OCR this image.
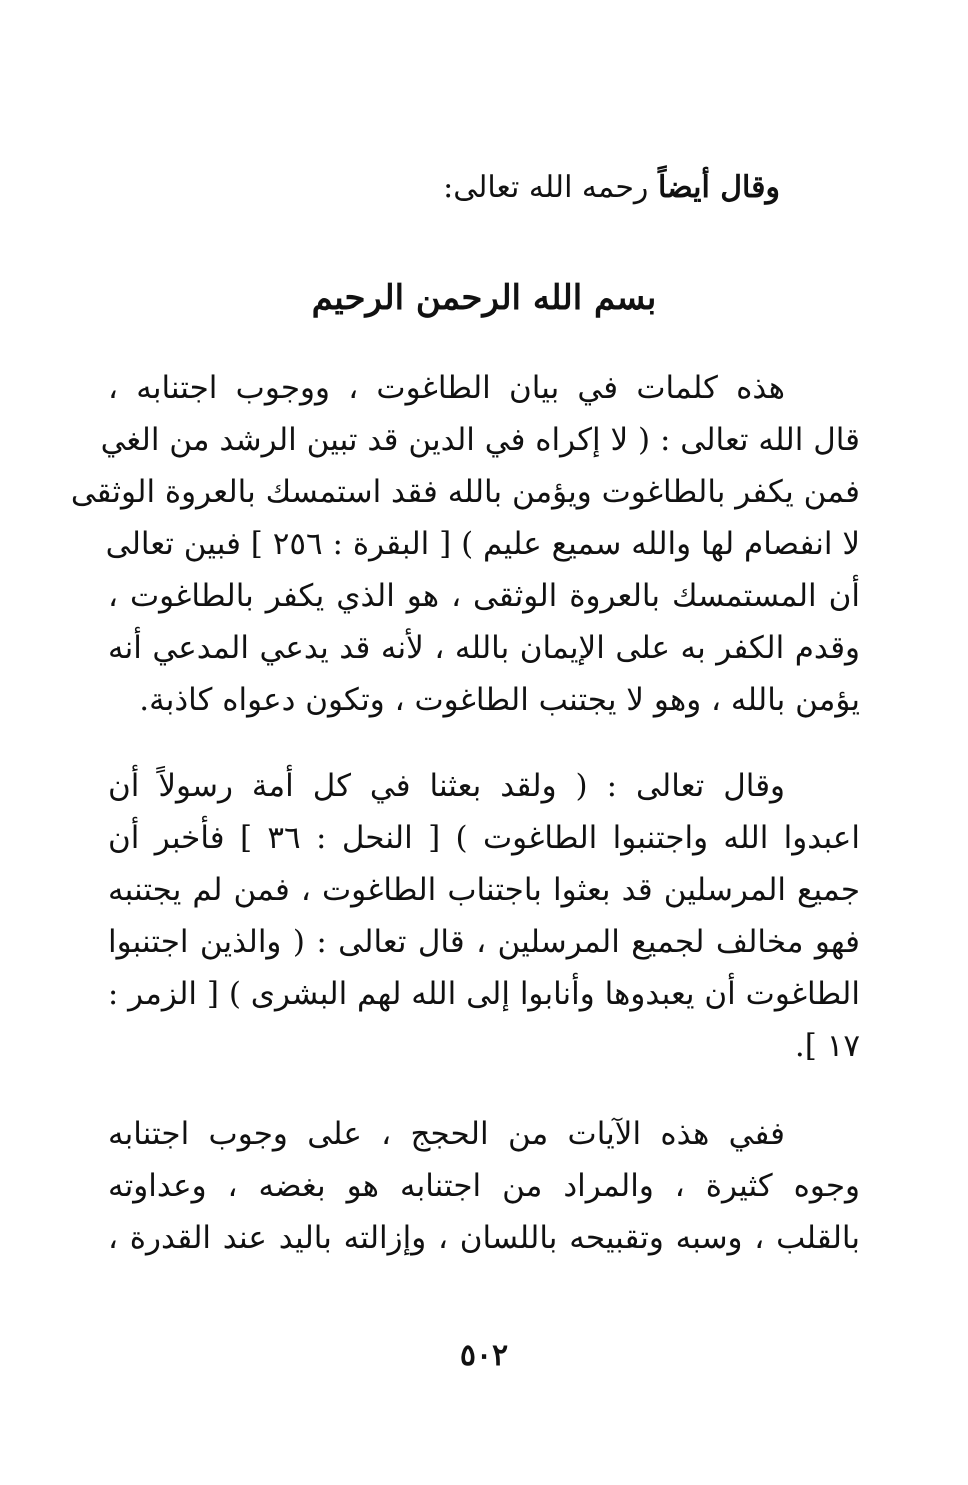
وقال أيضاً رحمه الله تعالى:
بسم الله الرحمن الرحيم

هذه كلمات في بيان الطاغوت ، ووجوب اجتنابه ،
قال الله تعالى : ( لا إكراه في الدين قد تبين الرشد من الغي
فمن يكفر بالطاغوت ويؤمن بالله فقد استمسك بالعروة الوثقى
لا انفصام لها والله سميع عليم ) [ البقرة : ٢٥٦ ] فبين تعالى
أن المستمسك بالعروة الوثقى ، هو الذي يكفر بالطاغوت ،
وقدم الكفر به على الإيمان بالله ، لأنه قد يدعي المدعي أنه
يؤمن بالله ، وهو لا يجتنب الطاغوت ، وتكون دعواه كاذبة.

وقال تعالى : ( ولقد بعثنا في كل أمة رسولاً أن
اعبدوا الله واجتنبوا الطاغوت ) [ النحل : ٣٦ ] فأخبر أن
جميع المرسلين قد بعثوا باجتناب الطاغوت ، فمن لم يجتنبه
فهو مخالف لجميع المرسلين ، قال تعالى : ( والذين اجتنبوا
الطاغوت أن يعبدوها وأنابوا إلى الله لهم البشرى ) [ الزمر :
١٧ ].

ففي هذه الآيات من الحجج ، على وجوب اجتنابه
وجوه كثيرة ، والمراد من اجتنابه هو بغضه ، وعداوته
بالقلب ، وسبه وتقبيحه باللسان ، وإزالته باليد عند القدرة ،

٥٠٢
